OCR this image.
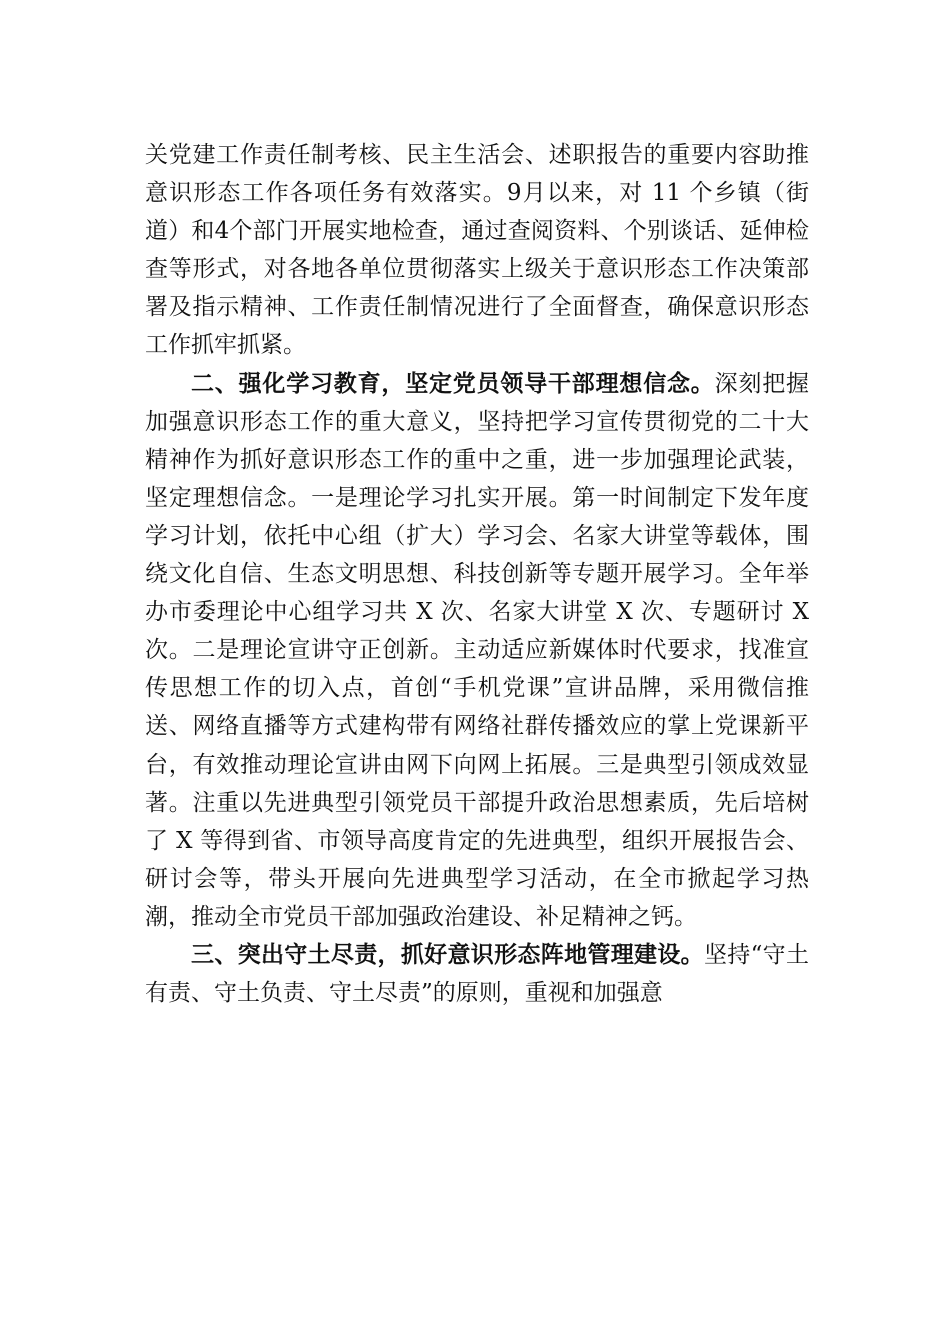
关党建工作责任制考核、民主生活会、述职报告的重要内容助推意识形态工作各项任务有效落实。9月以来，对 11 个乡镇（街道）和4个部门开展实地检查，通过查阅资料、个别谈话、延伸检查等形式，对各地各单位贯彻落实上级关于意识形态工作决策部署及指示精神、工作责任制情况进行了全面督查，确保意识形态工作抓牢抓紧。

二、强化学习教育，坚定党员领导干部理想信念。深刻把握加强意识形态工作的重大意义，坚持把学习宣传贯彻党的二十大精神作为抓好意识形态工作的重中之重，进一步加强理论武装，坚定理想信念。一是理论学习扎实开展。第一时间制定下发年度学习计划，依托中心组（扩大）学习会、名家大讲堂等载体，围绕文化自信、生态文明思想、科技创新等专题开展学习。全年举办市委理论中心组学习共 X 次、名家大讲堂 X 次、专题研讨 X 次。二是理论宣讲守正创新。主动适应新媒体时代要求，找准宣传思想工作的切入点，首创“手机党课”宣讲品牌，采用微信推送、网络直播等方式建构带有网络社群传播效应的掌上党课新平台，有效推动理论宣讲由网下向网上拓展。三是典型引领成效显著。注重以先进典型引领党员干部提升政治思想素质，先后培树了 X 等得到省、市领导高度肯定的先进典型，组织开展报告会、研讨会等，带头开展向先进典型学习活动，在全市掀起学习热潮，推动全市党员干部加强政治建设、补足精神之钙。

三、突出守土尽责，抓好意识形态阵地管理建设。坚持“守土有责、守土负责、守土尽责”的原则，重视和加强意
